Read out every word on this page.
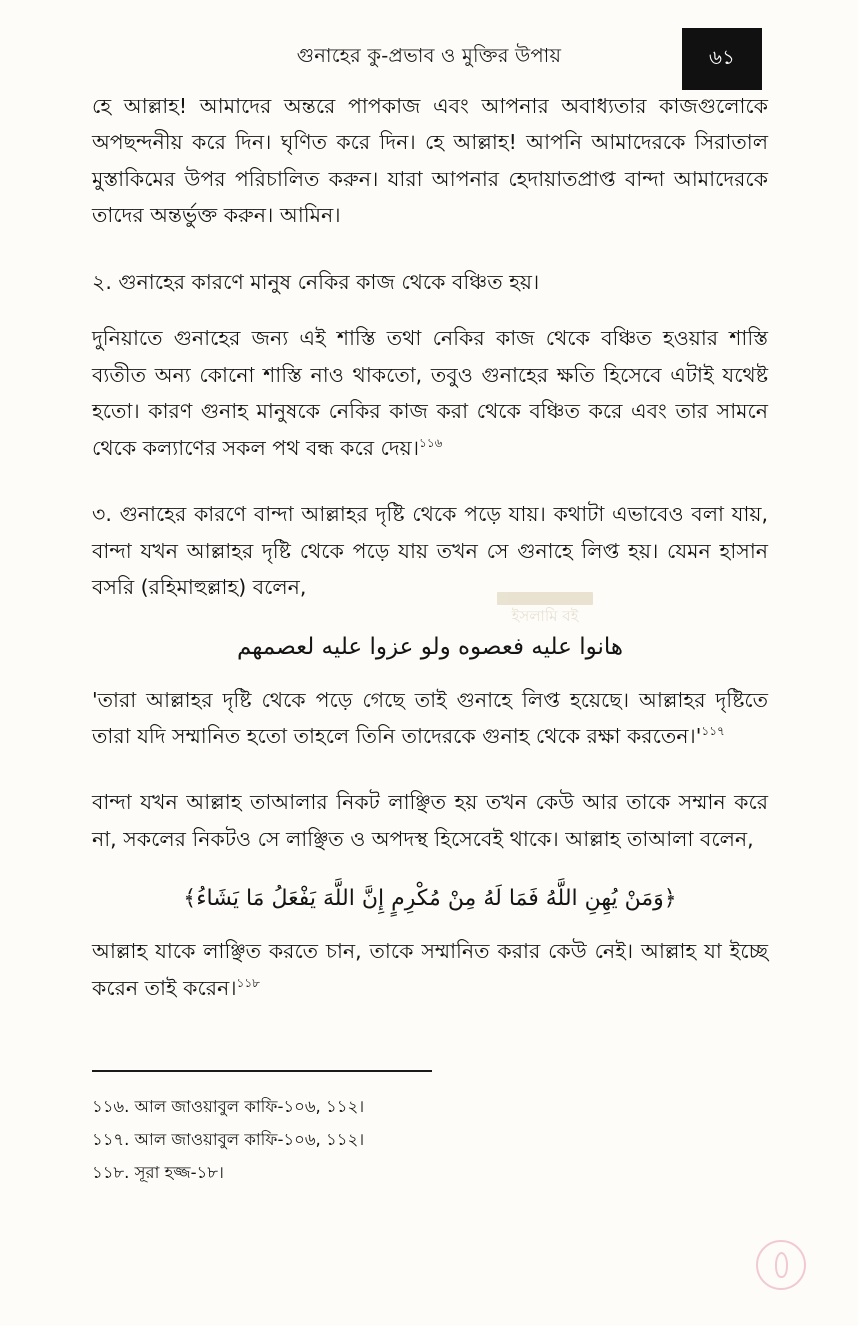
গুনাহের কু-প্রভাব ও মুক্তির উপায়	৬১
ইসলামি বই

হে আল্লাহ! আমাদের অন্তরে পাপকাজ এবং আপনার অবাধ্যতার কাজগুলোকে অপছন্দনীয় করে দিন। ঘৃণিত করে দিন। হে আল্লাহ! আপনি আমাদেরকে সিরাতাল মুস্তাকিমের উপর পরিচালিত করুন। যারা আপনার হেদায়াতপ্রাপ্ত বান্দা আমাদেরকে তাদের অন্তর্ভুক্ত করুন। আমিন।

২. গুনাহের কারণে মানুষ নেকির কাজ থেকে বঞ্চিত হয়।

দুনিয়াতে গুনাহের জন্য এই শাস্তি তথা নেকির কাজ থেকে বঞ্চিত হওয়ার শাস্তি ব্যতীত অন্য কোনো শাস্তি নাও থাকতো, তবুও গুনাহের ক্ষতি হিসেবে এটাই যথেষ্ট হতো। কারণ গুনাহ মানুষকে নেকির কাজ করা থেকে বঞ্চিত করে এবং তার সামনে থেকে কল্যাণের সকল পথ বন্ধ করে দেয়।$^{১১৬}$

৩. গুনাহের কারণে বান্দা আল্লাহর দৃষ্টি থেকে পড়ে যায়। কথাটা এভাবেও বলা যায়, বান্দা যখন আল্লাহর দৃষ্টি থেকে পড়ে যায় তখন সে গুনাহে লিপ্ত হয়। যেমন হাসান বসরি (রহিমাহুল্লাহ) বলেন,

هانوا عليه فعصوه ولو عزوا عليه لعصمهم

'তারা আল্লাহর দৃষ্টি থেকে পড়ে গেছে তাই গুনাহে লিপ্ত হয়েছে। আল্লাহর দৃষ্টিতে তারা যদি সম্মানিত হতো তাহলে তিনি তাদেরকে গুনাহ থেকে রক্ষা করতেন।'$^{১১৭}$

বান্দা যখন আল্লাহ তাআলার নিকট লাঞ্ছিত হয় তখন কেউ আর তাকে সম্মান করে না, সকলের নিকটও সে লাঞ্ছিত ও অপদস্থ হিসেবেই থাকে। আল্লাহ তাআলা বলেন,

﴿وَمَنْ يُهِنِ اللَّهُ فَمَا لَهُ مِنْ مُكْرِمٍ إِنَّ اللَّهَ يَفْعَلُ مَا يَشَاءُ﴾

আল্লাহ যাকে লাঞ্ছিত করতে চান, তাকে সম্মানিত করার কেউ নেই। আল্লাহ যা ইচ্ছে করেন তাই করেন।$^{১১৮}$

১১৬. আল জাওয়াবুল কাফি-১০৬, ১১২।
১১৭. আল জাওয়াবুল কাফি-১০৬, ১১২।
১১৮. সূরা হজ্জ-১৮।
